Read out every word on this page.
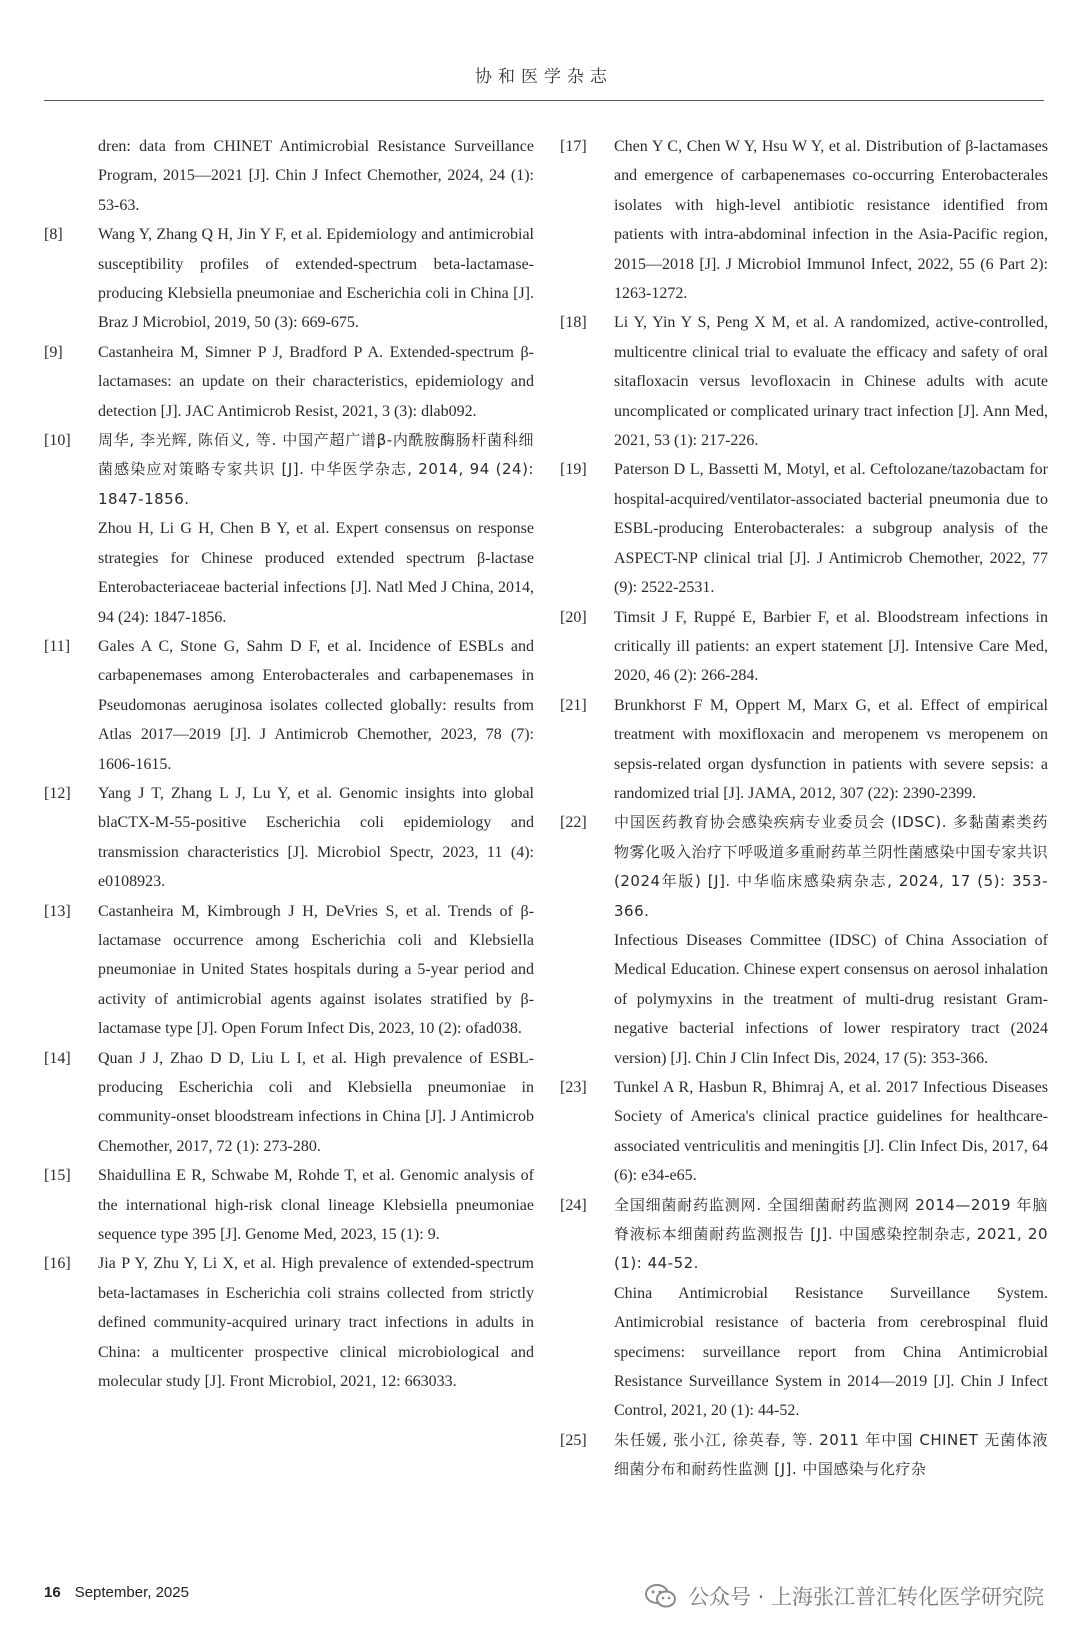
协和医学杂志
dren: data from CHINET Antimicrobial Resistance Surveillance Program, 2015—2021 [J]. Chin J Infect Chemother, 2024, 24 (1): 53-63.
[8]	Wang Y, Zhang Q H, Jin Y F, et al. Epidemiology and antimicrobial susceptibility profiles of extended-spectrum beta-lactamase-producing Klebsiella pneumoniae and Escherichia coli in China [J]. Braz J Microbiol, 2019, 50 (3): 669-675.
[9]	Castanheira M, Simner P J, Bradford P A. Extended-spectrum β-lactamases: an update on their characteristics, epidemiology and detection [J]. JAC Antimicrob Resist, 2021, 3 (3): dlab092.
[10]	周华, 李光辉, 陈佰义, 等. 中国产超广谱β-内酰胺酶肠杆菌科细菌感染应对策略专家共识 [J]. 中华医学杂志, 2014, 94 (24): 1847-1856.
Zhou H, Li G H, Chen B Y, et al. Expert consensus on response strategies for Chinese produced extended spectrum β-lactase Enterobacteriaceae bacterial infections [J]. Natl Med J China, 2014, 94 (24): 1847-1856.
[11]	Gales A C, Stone G, Sahm D F, et al. Incidence of ESBLs and carbapenemases among Enterobacterales and carbapenemases in Pseudomonas aeruginosa isolates collected globally: results from Atlas 2017—2019 [J]. J Antimicrob Chemother, 2023, 78 (7): 1606-1615.
[12]	Yang J T, Zhang L J, Lu Y, et al. Genomic insights into global blaCTX-M-55-positive Escherichia coli epidemiology and transmission characteristics [J]. Microbiol Spectr, 2023, 11 (4): e0108923.
[13]	Castanheira M, Kimbrough J H, DeVries S, et al. Trends of β-lactamase occurrence among Escherichia coli and Klebsiella pneumoniae in United States hospitals during a 5-year period and activity of antimicrobial agents against isolates stratified by β-lactamase type [J]. Open Forum Infect Dis, 2023, 10 (2): ofad038.
[14]	Quan J J, Zhao D D, Liu L I, et al. High prevalence of ESBL-producing Escherichia coli and Klebsiella pneumoniae in community-onset bloodstream infections in China [J]. J Antimicrob Chemother, 2017, 72 (1): 273-280.
[15]	Shaidullina E R, Schwabe M, Rohde T, et al. Genomic analysis of the international high-risk clonal lineage Klebsiella pneumoniae sequence type 395 [J]. Genome Med, 2023, 15 (1): 9.
[16]	Jia P Y, Zhu Y, Li X, et al. High prevalence of extended-spectrum beta-lactamases in Escherichia coli strains collected from strictly defined community-acquired urinary tract infections in adults in China: a multicenter prospective clinical microbiological and molecular study [J]. Front Microbiol, 2021, 12: 663033.
[17]	Chen Y C, Chen W Y, Hsu W Y, et al. Distribution of β-lactamases and emergence of carbapenemases co-occurring Enterobacterales isolates with high-level antibiotic resistance identified from patients with intra-abdominal infection in the Asia-Pacific region, 2015—2018 [J]. J Microbiol Immunol Infect, 2022, 55 (6 Part 2): 1263-1272.
[18]	Li Y, Yin Y S, Peng X M, et al. A randomized, active-controlled, multicentre clinical trial to evaluate the efficacy and safety of oral sitafloxacin versus levofloxacin in Chinese adults with acute uncomplicated or complicated urinary tract infection [J]. Ann Med, 2021, 53 (1): 217-226.
[19]	Paterson D L, Bassetti M, Motyl, et al. Ceftolozane/tazobactam for hospital-acquired/ventilator-associated bacterial pneumonia due to ESBL-producing Enterobacterales: a subgroup analysis of the ASPECT-NP clinical trial [J]. J Antimicrob Chemother, 2022, 77 (9): 2522-2531.
[20]	Timsit J F, Ruppé E, Barbier F, et al. Bloodstream infections in critically ill patients: an expert statement [J]. Intensive Care Med, 2020, 46 (2): 266-284.
[21]	Brunkhorst F M, Oppert M, Marx G, et al. Effect of empirical treatment with moxifloxacin and meropenem vs meropenem on sepsis-related organ dysfunction in patients with severe sepsis: a randomized trial [J]. JAMA, 2012, 307 (22): 2390-2399.
[22]	中国医药教育协会感染疾病专业委员会 (IDSC). 多黏菌素类药物雾化吸入治疗下呼吸道多重耐药革兰阴性菌感染中国专家共识 (2024年版) [J]. 中华临床感染病杂志, 2024, 17 (5): 353-366.
Infectious Diseases Committee (IDSC) of China Association of Medical Education. Chinese expert consensus on aerosol inhalation of polymyxins in the treatment of multi-drug resistant Gram-negative bacterial infections of lower respiratory tract (2024 version) [J]. Chin J Clin Infect Dis, 2024, 17 (5): 353-366.
[23]	Tunkel A R, Hasbun R, Bhimraj A, et al. 2017 Infectious Diseases Society of America's clinical practice guidelines for healthcare-associated ventriculitis and meningitis [J]. Clin Infect Dis, 2017, 64 (6): e34-e65.
[24]	全国细菌耐药监测网. 全国细菌耐药监测网 2014—2019 年脑脊液标本细菌耐药监测报告 [J]. 中国感染控制杂志, 2021, 20 (1): 44-52.
China Antimicrobial Resistance Surveillance System. Antimicrobial resistance of bacteria from cerebrospinal fluid specimens: surveillance report from China Antimicrobial Resistance Surveillance System in 2014—2019 [J]. Chin J Infect Control, 2021, 20 (1): 44-52.
[25]	朱任媛, 张小江, 徐英春, 等. 2011 年中国 CHINET 无菌体液细菌分布和耐药性监测 [J]. 中国感染与化疗杂
16 September, 2025	公众号 · 上海张江普汇转化医学研究院
